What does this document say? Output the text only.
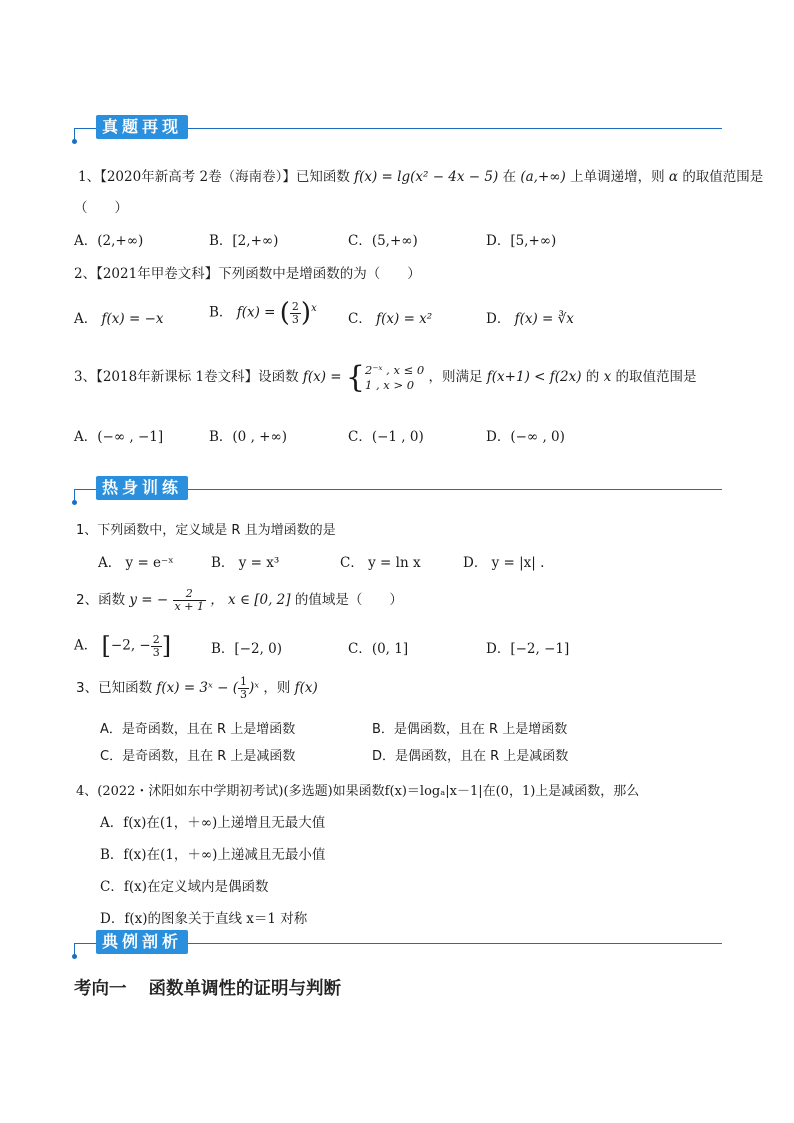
真题再现
1、【2020年新高考 2卷（海南卷）】已知函数 f(x) = lg(x² − 4x − 5) 在 (a,+∞) 上单调递增，则 α 的取值范围是
（　　）
A．(2,+∞)	B．[2,+∞)	C．(5,+∞)	D．[5,+∞)
2、【2021年甲卷文科】下列函数中是增函数的为（　　）
A． f(x) = −x	B． f(x) = ( $\frac{2}{3} )^x$
C． f(x) = x²	D． f(x) = ∛x
3、【2018年新课标 1卷文科】设函数 f(x) = { 2⁻ˣ , x ≤ 0
1 , x > 0	，则满足 f(x+1) < f(2x) 的 x 的取值范围是
A．(−∞ , −1]	B．(0 , +∞)	C．(−1 , 0)	D．(−∞ , 0)
热身训练
1、下列函数中，定义域是 R 且为增函数的是
A． y = e⁻ˣ	B． y = x³	C． y = ln x	D． y = |x| .
2、函数 y = − $\frac{2}{x + 1}$ ， x ∈ [0, 2] 的值域是（　　）
A． [−2, − $\frac{2}{3}$ ]	B．[−2, 0)	C．(0, 1]	D．[−2, −1]
3、已知函数 f(x) = 3ˣ − ( $\frac{1}{3}$ )ˣ ，则 f(x)
A．是奇函数，且在 R 上是增函数	B．是偶函数，且在 R 上是增函数
C．是奇函数，且在 R 上是减函数	D．是偶函数，且在 R 上是减函数
4、(2022・沭阳如东中学期初考试)(多选题)如果函数f(x)＝logₐ|x－1|在(0，1)上是减函数，那么
A．f(x)在(1，＋∞)上递增且无最大值
B．f(x)在(1，＋∞)上递减且无最小值
C．f(x)在定义域内是偶函数
D．f(x)的图象关于直线 x＝1 对称
典例剖析
考向一 函数单调性的证明与判断
